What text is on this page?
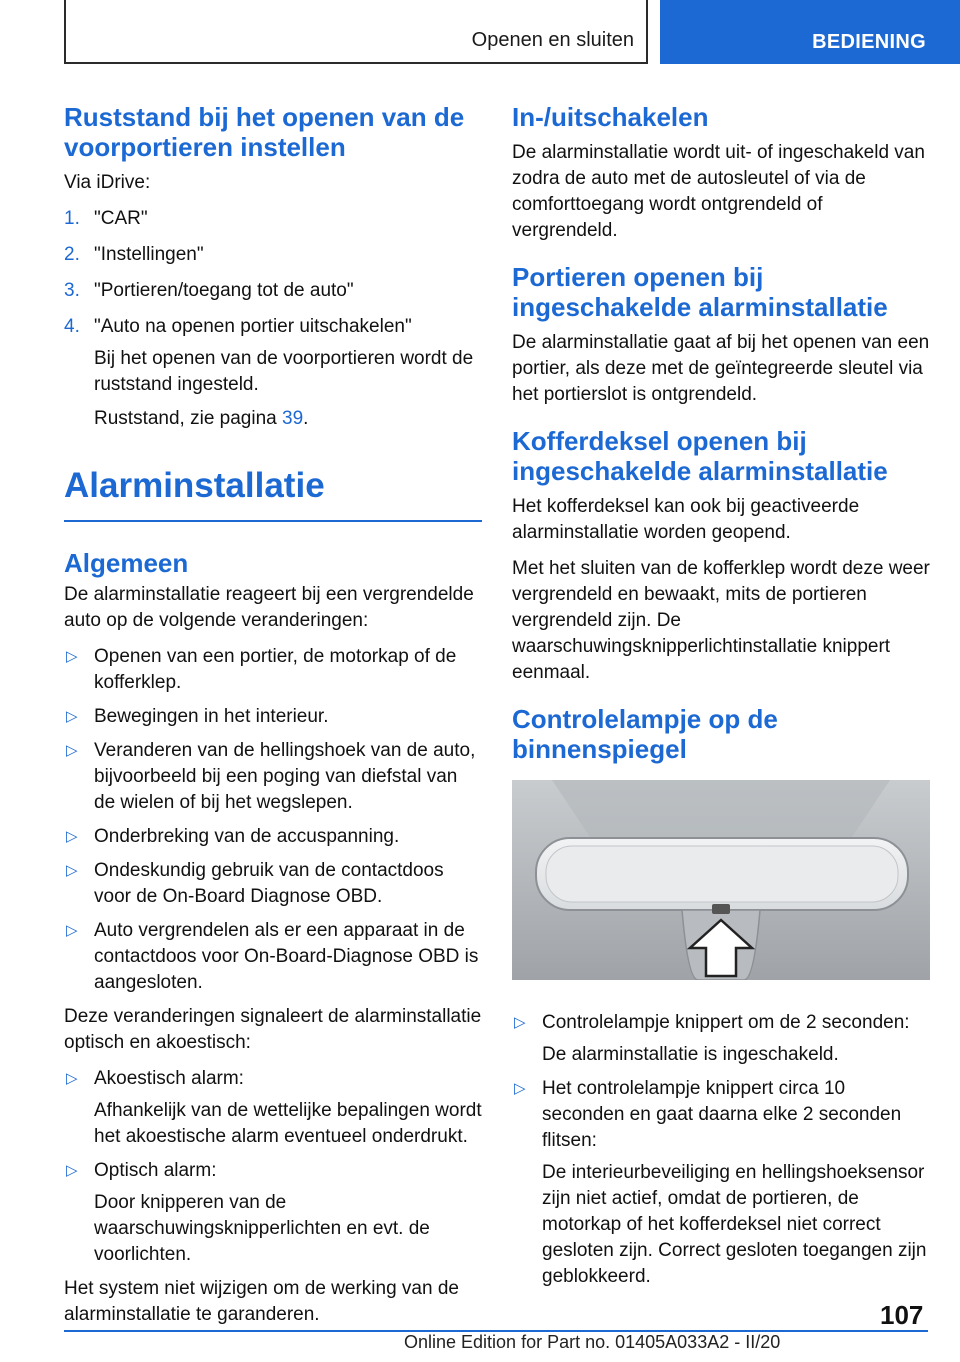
Openen en sluiten	BEDIENING
Ruststand bij het openen van de voorportieren instellen

Via iDrive:

1. "CAR"
2. "Instellingen"
3. "Portieren/toegang tot de auto"
4. "Auto na openen portier uitschakelen"

Bij het openen van de voorportieren wordt de ruststand ingesteld.

Ruststand, zie pagina 39.

Alarminstallatie
Algemeen

De alarminstallatie reageert bij een vergrendelde auto op de volgende veranderingen:

▷ Openen van een portier, de motorkap of de kofferklep.
▷ Bewegingen in het interieur.
▷ Veranderen van de hellingshoek van de auto, bijvoorbeeld bij een poging van diefstal van de wielen of bij het wegslepen.
▷ Onderbreking van de accuspanning.
▷ Ondeskundig gebruik van de contactdoos voor de On-Board Diagnose OBD.
▷ Auto vergrendelen als er een apparaat in de contactdoos voor On-Board-Diagnose OBD is aangesloten.

Deze veranderingen signaleert de alarminstallatie optisch en akoestisch:

▷ Akoestisch alarm:

Afhankelijk van de wettelijke bepalingen wordt het akoestische alarm eventueel onderdrukt.

▷ Optisch alarm:

Door knipperen van de waarschuwingsknipperlichten en evt. de voorlichten.

Het system niet wijzigen om de werking van de alarminstallatie te garanderen.

In-/uitschakelen

De alarminstallatie wordt uit- of ingeschakeld van zodra de auto met de autosleutel of via de comforttoegang wordt ontgrendeld of vergrendeld.

Portieren openen bij ingeschakelde alarminstallatie

De alarminstallatie gaat af bij het openen van een portier, als deze met de geïntegreerde sleutel via het portierslot is ontgrendeld.

Kofferdeksel openen bij ingeschakelde alarminstallatie

Het kofferdeksel kan ook bij geactiveerde alarminstallatie worden geopend.

Met het sluiten van de kofferklep wordt deze weer vergrendeld en bewaakt, mits de portieren vergrendeld zijn. De waarschuwingsknipperlichtinstallatie knippert eenmaal.

Controlelampje op de binnenspiegel
▷ Controlelampje knippert om de 2 seconden:

De alarminstallatie is ingeschakeld.

▷ Het controlelampje knippert circa 10 seconden en gaat daarna elke 2 seconden flitsen:

De interieurbeveiliging en hellingshoeksensor zijn niet actief, omdat de portieren, de motorkap of het kofferdeksel niet correct gesloten zijn. Correct gesloten toegangen zijn geblokkeerd.

107
Online Edition for Part no. 01405A033A2 - II/20
